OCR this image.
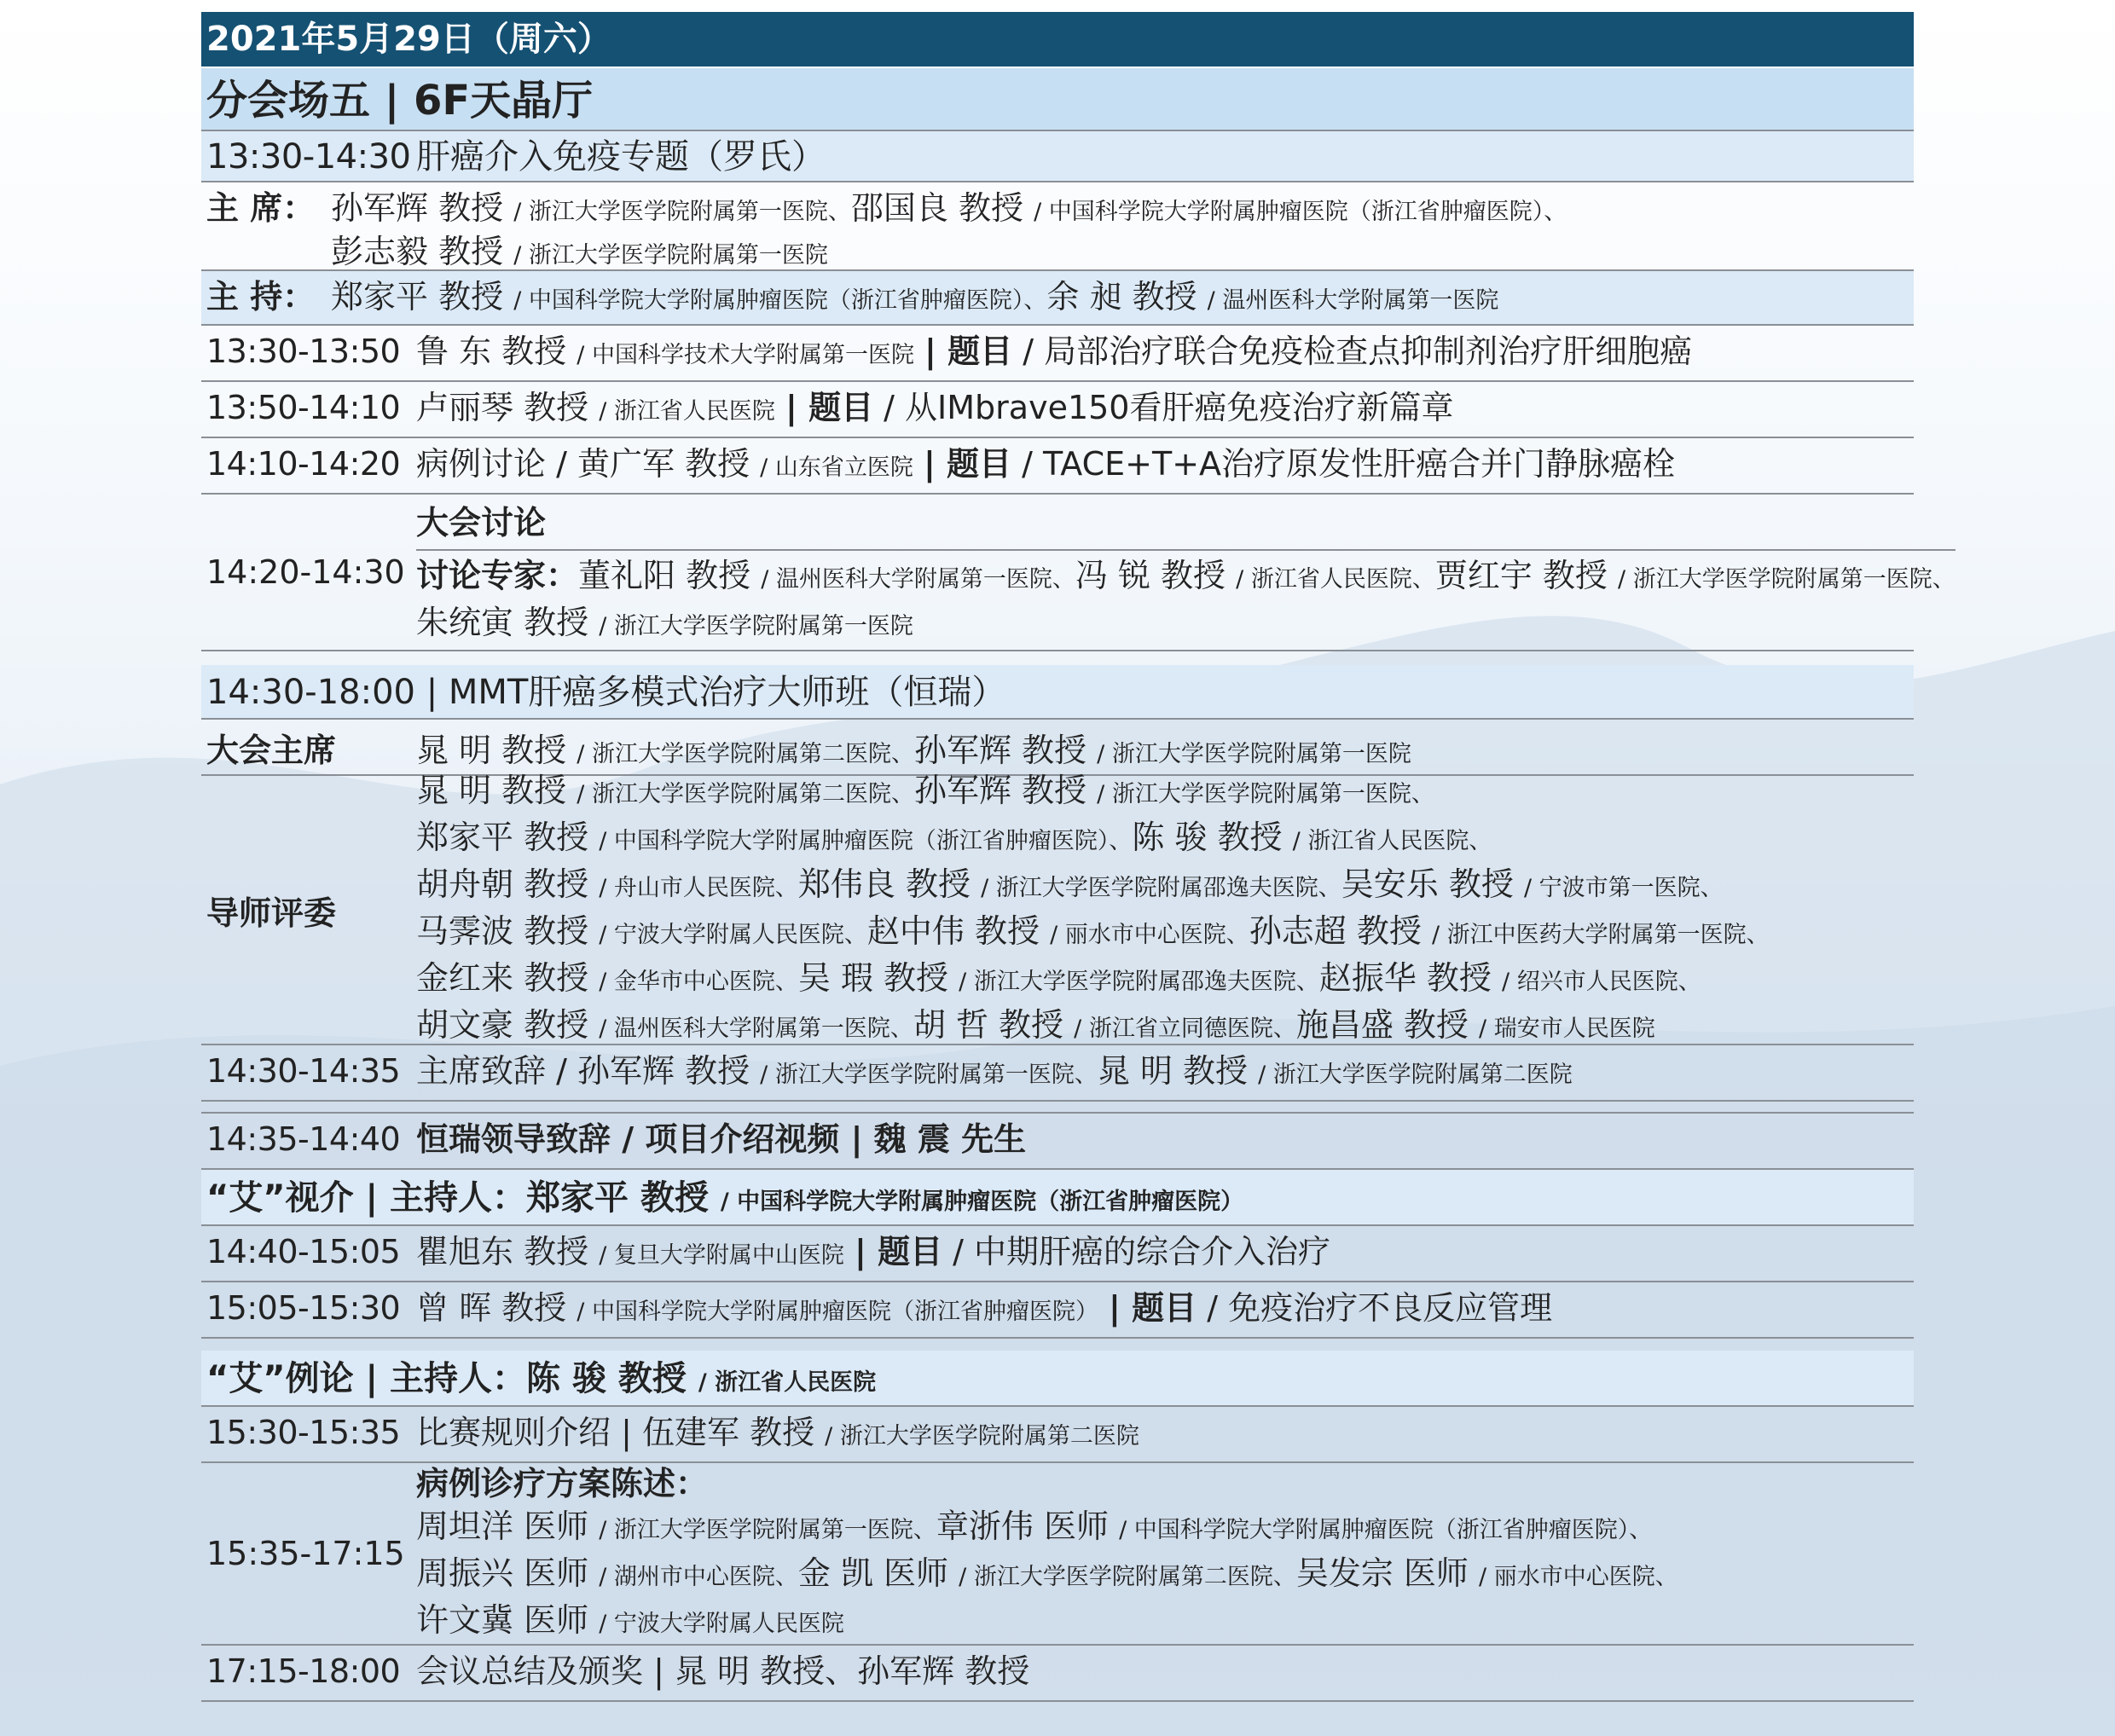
2021年5月29日（周六）
分会场五 | 6F天晶厅
13:30-14:30 肝癌介入免疫专题（罗氏）
主 席： 孙军辉 教授 / 浙江大学医学院附属第一医院、邵国良 教授 / 中国科学院大学附属肿瘤医院（浙江省肿瘤医院）、
彭志毅 教授 / 浙江大学医学院附属第一医院
主 持： 郑家平 教授 / 中国科学院大学附属肿瘤医院（浙江省肿瘤医院）、余 昶 教授 / 温州医科大学附属第一医院
13:30-13:50 鲁 东 教授 / 中国科学技术大学附属第一医院 | 题目 / 局部治疗联合免疫检查点抑制剂治疗肝细胞癌
13:50-14:10 卢丽琴 教授 / 浙江省人民医院 | 题目 / 从IMbrave150看肝癌免疫治疗新篇章
14:10-14:20 病例讨论 / 黄广军 教授 / 山东省立医院 | 题目 / TACE+T+A治疗原发性肝癌合并门静脉癌栓
14:20-14:30
大会讨论
讨论专家：董礼阳 教授 / 温州医科大学附属第一医院、冯 锐 教授 / 浙江省人民医院、贾红宇 教授 / 浙江大学医学院附属第一医院、
朱统寅 教授 / 浙江大学医学院附属第一医院
14:30-18:00 | MMT肝癌多模式治疗大师班（恒瑞）
大会主席	晁 明 教授 / 浙江大学医学院附属第二医院、孙军辉 教授 / 浙江大学医学院附属第一医院
导师评委
晁 明 教授 / 浙江大学医学院附属第二医院、孙军辉 教授 / 浙江大学医学院附属第一医院、
郑家平 教授 / 中国科学院大学附属肿瘤医院（浙江省肿瘤医院）、陈 骏 教授 / 浙江省人民医院、
胡舟朝 教授 / 舟山市人民医院、郑伟良 教授 / 浙江大学医学院附属邵逸夫医院、吴安乐 教授 / 宁波市第一医院、
马霁波 教授 / 宁波大学附属人民医院、赵中伟 教授 / 丽水市中心医院、孙志超 教授 / 浙江中医药大学附属第一医院、
金红来 教授 / 金华市中心医院、吴 瑕 教授 / 浙江大学医学院附属邵逸夫医院、赵振华 教授 / 绍兴市人民医院、
胡文豪 教授 / 温州医科大学附属第一医院、胡 哲 教授 / 浙江省立同德医院、施昌盛 教授 / 瑞安市人民医院
14:30-14:35 主席致辞 / 孙军辉 教授 / 浙江大学医学院附属第一医院、晁 明 教授 / 浙江大学医学院附属第二医院
14:35-14:40 恒瑞领导致辞 / 项目介绍视频 | 魏 震 先生
“艾”视介 | 主持人：郑家平 教授 / 中国科学院大学附属肿瘤医院（浙江省肿瘤医院）
14:40-15:05 瞿旭东 教授 / 复旦大学附属中山医院 | 题目 / 中期肝癌的综合介入治疗
15:05-15:30 曾 晖 教授 / 中国科学院大学附属肿瘤医院（浙江省肿瘤医院） | 题目 / 免疫治疗不良反应管理
“艾”例论 | 主持人：陈 骏 教授 / 浙江省人民医院
15:30-15:35 比赛规则介绍 | 伍建军 教授 / 浙江大学医学院附属第二医院
15:35-17:15
病例诊疗方案陈述：
周坦洋 医师 / 浙江大学医学院附属第一医院、章浙伟 医师 / 中国科学院大学附属肿瘤医院（浙江省肿瘤医院）、
周振兴 医师 / 湖州市中心医院、金 凯 医师 / 浙江大学医学院附属第二医院、吴发宗 医师 / 丽水市中心医院、
许文冀 医师 / 宁波大学附属人民医院
17:15-18:00 会议总结及颁奖 | 晁 明 教授、孙军辉 教授
